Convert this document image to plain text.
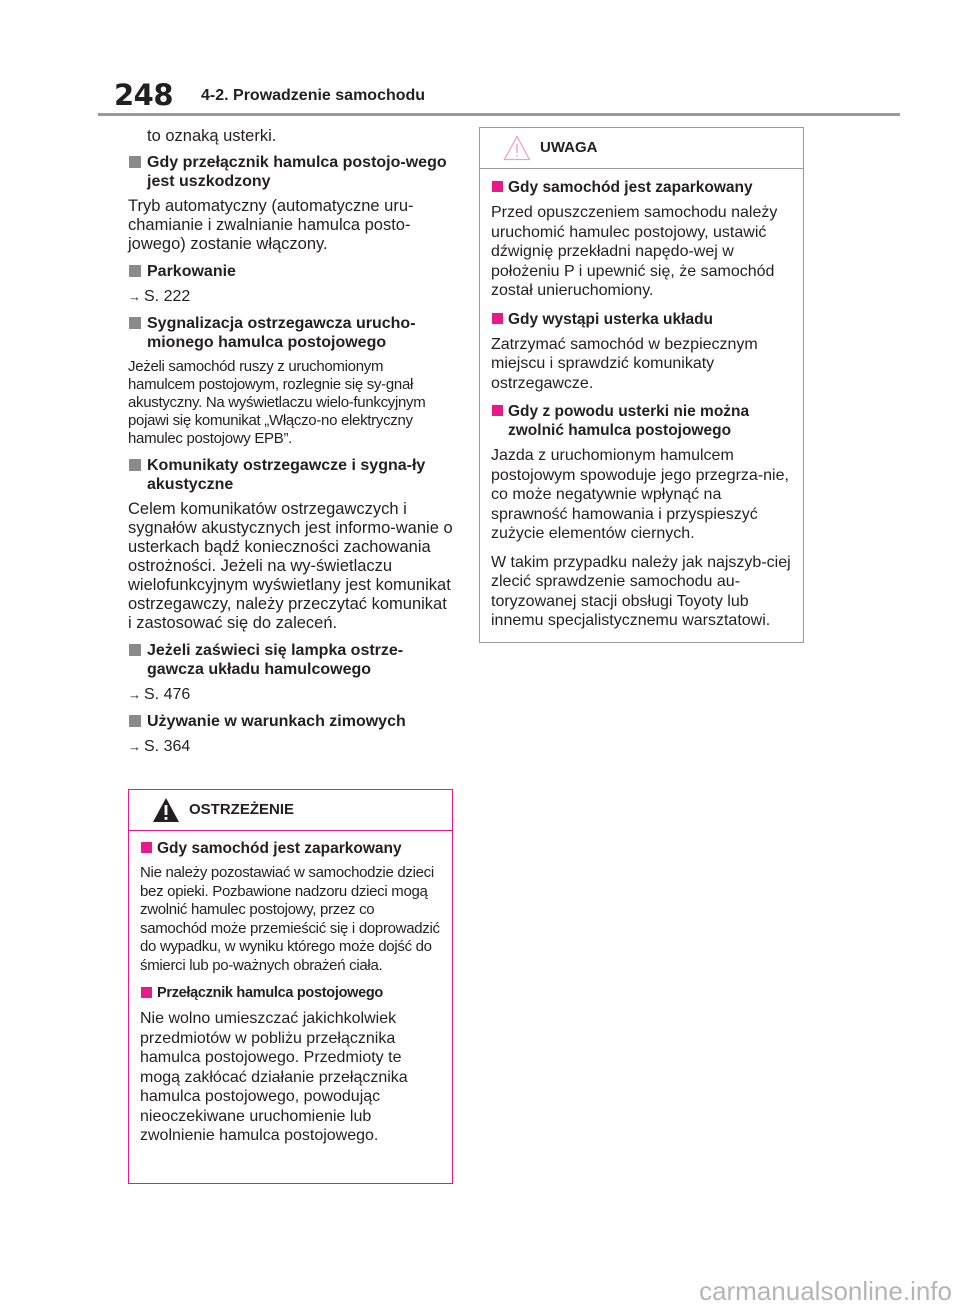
248 4-2. Prowadzenie samochodu

to oznaką usterki.

Gdy przełącznik hamulca postojo-wego jest uszkodzony

Tryb automatyczny (automatyczne uru-chamianie i zwalnianie hamulca posto-jowego) zostanie włączony.

Parkowanie

→ S. 222

Sygnalizacja ostrzegawcza urucho-mionego hamulca postojowego

Jeżeli samochód ruszy z uruchomionym hamulcem postojowym, rozlegnie się sy-gnał akustyczny. Na wyświetlaczu wielo-funkcyjnym pojawi się komunikat „Włączo-no elektryczny hamulec postojowy EPB”.

Komunikaty ostrzegawcze i sygna-ły akustyczne

Celem komunikatów ostrzegawczych i sygnałów akustycznych jest informo-wanie o usterkach bądź konieczności zachowania ostrożności. Jeżeli na wy-świetlaczu wielofunkcyjnym wyświetlany jest komunikat ostrzegawczy, należy przeczytać komunikat i zastosować się do zaleceń.

Jeżeli zaświeci się lampka ostrze-gawcza układu hamulcowego

→ S. 476

Używanie w warunkach zimowych

→ S. 364

OSTRZEŻENIE
Gdy samochód jest zaparkowany

Nie należy pozostawiać w samochodzie dzieci bez opieki. Pozbawione nadzoru dzieci mogą zwolnić hamulec postojowy, przez co samochód może przemieścić się i doprowadzić do wypadku, w wyniku którego może dojść do śmierci lub po-ważnych obrażeń ciała.

Przełącznik hamulca postojowego

Nie wolno umieszczać jakichkolwiek przedmiotów w pobliżu przełącznika hamulca postojowego. Przedmioty te mogą zakłócać działanie przełącznika hamulca postojowego, powodując nieoczekiwane uruchomienie lub zwolnienie hamulca postojowego.

UWAGA
Gdy samochód jest zaparkowany

Przed opuszczeniem samochodu należy uruchomić hamulec postojowy, ustawić dźwignię przekładni napędo-wej w położeniu P i upewnić się, że samochód został unieruchomiony.

Gdy wystąpi usterka układu

Zatrzymać samochód w bezpiecznym miejscu i sprawdzić komunikaty ostrzegawcze.

Gdy z powodu usterki nie można zwolnić hamulca postojowego

Jazda z uruchomionym hamulcem postojowym spowoduje jego przegrza-nie, co może negatywnie wpłynąć na sprawność hamowania i przyspieszyć zużycie elementów ciernych.

W takim przypadku należy jak najszyb-ciej zlecić sprawdzenie samochodu au-toryzowanej stacji obsługi Toyoty lub innemu specjalistycznemu warsztatowi.

carmanualsonline.info
